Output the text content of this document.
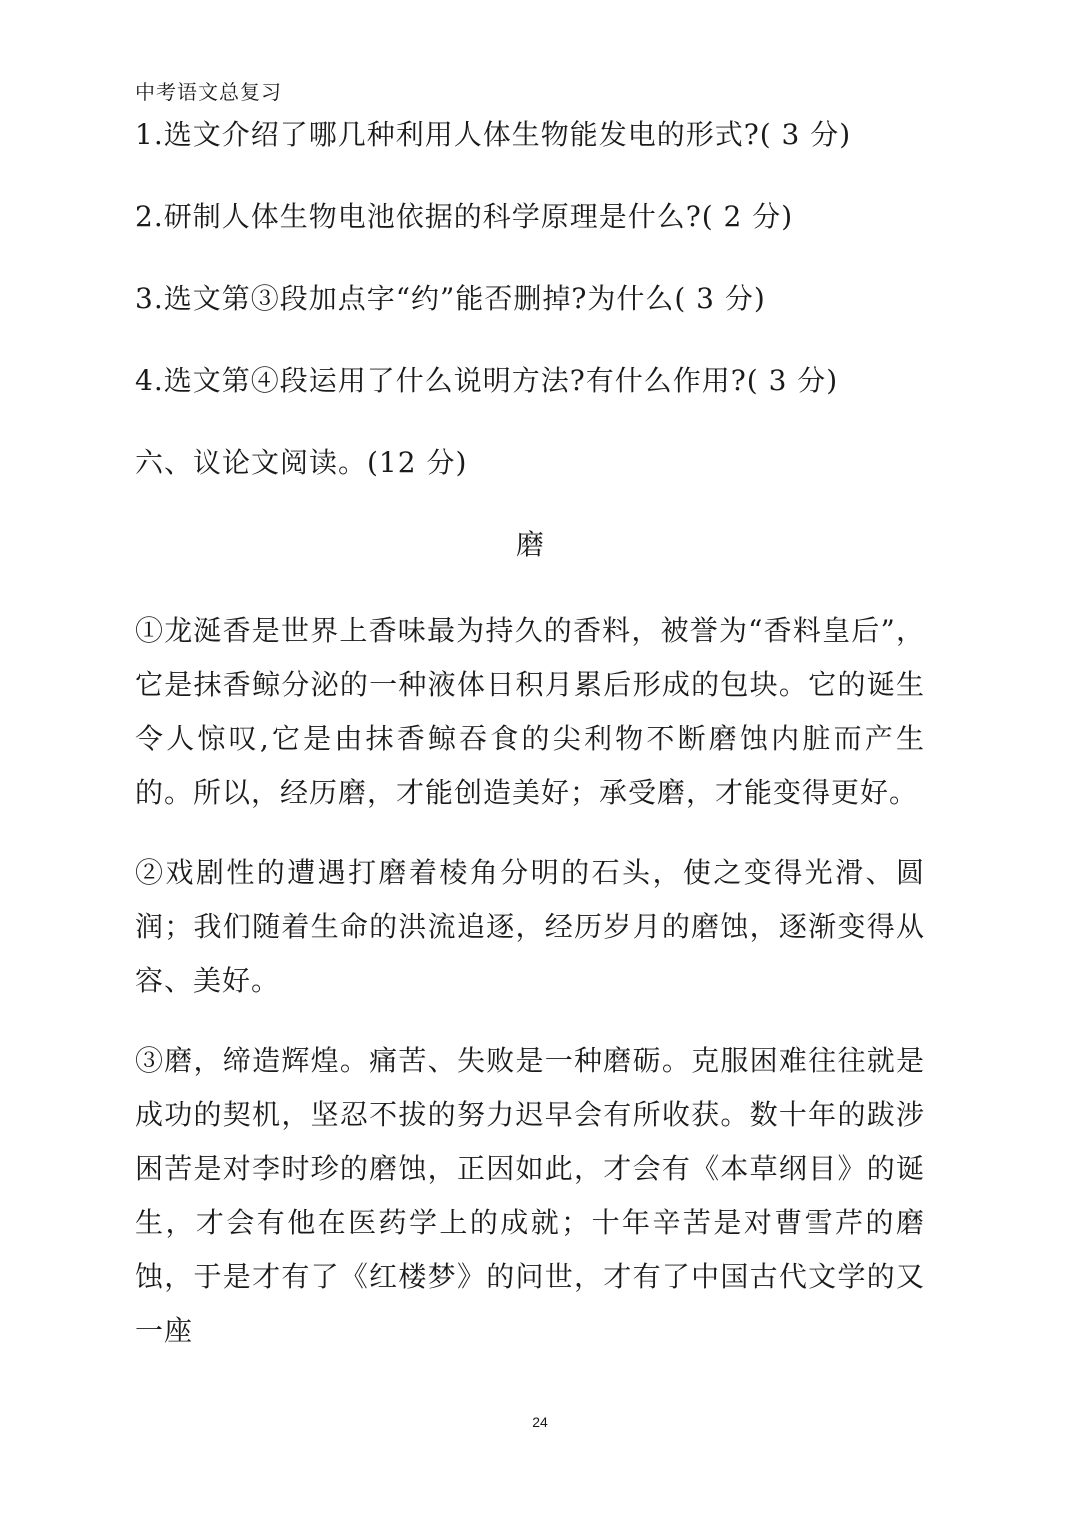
中考语文总复习

1.选文介绍了哪几种利用人体生物能发电的形式?( 3 分)

2.研制人体生物电池依据的科学原理是什么?( 2 分)

3.选文第③段加点字“约”能否删掉?为什么( 3 分)

4.选文第④段运用了什么说明方法?有什么作用?( 3 分)

六、议论文阅读。(12 分)

磨

①龙涎香是世界上香味最为持久的香料，被誉为“香料皇后”，它是抹香鲸分泌的一种液体日积月累后形成的包块。它的诞生令人惊叹,它是由抹香鲸吞食的尖利物不断磨蚀内脏而产生的。所以，经历磨，才能创造美好；承受磨，才能变得更好。

②戏剧性的遭遇打磨着棱角分明的石头，使之变得光滑、圆润；我们随着生命的洪流追逐，经历岁月的磨蚀，逐渐变得从容、美好。

③磨，缔造辉煌。痛苦、失败是一种磨砺。克服困难往往就是成功的契机，坚忍不拔的努力迟早会有所收获。数十年的跋涉困苦是对李时珍的磨蚀，正因如此，才会有《本草纲目》的诞生，才会有他在医药学上的成就；十年辛苦是对曹雪芹的磨蚀，于是才有了《红楼梦》的问世，才有了中国古代文学的又一座

24
